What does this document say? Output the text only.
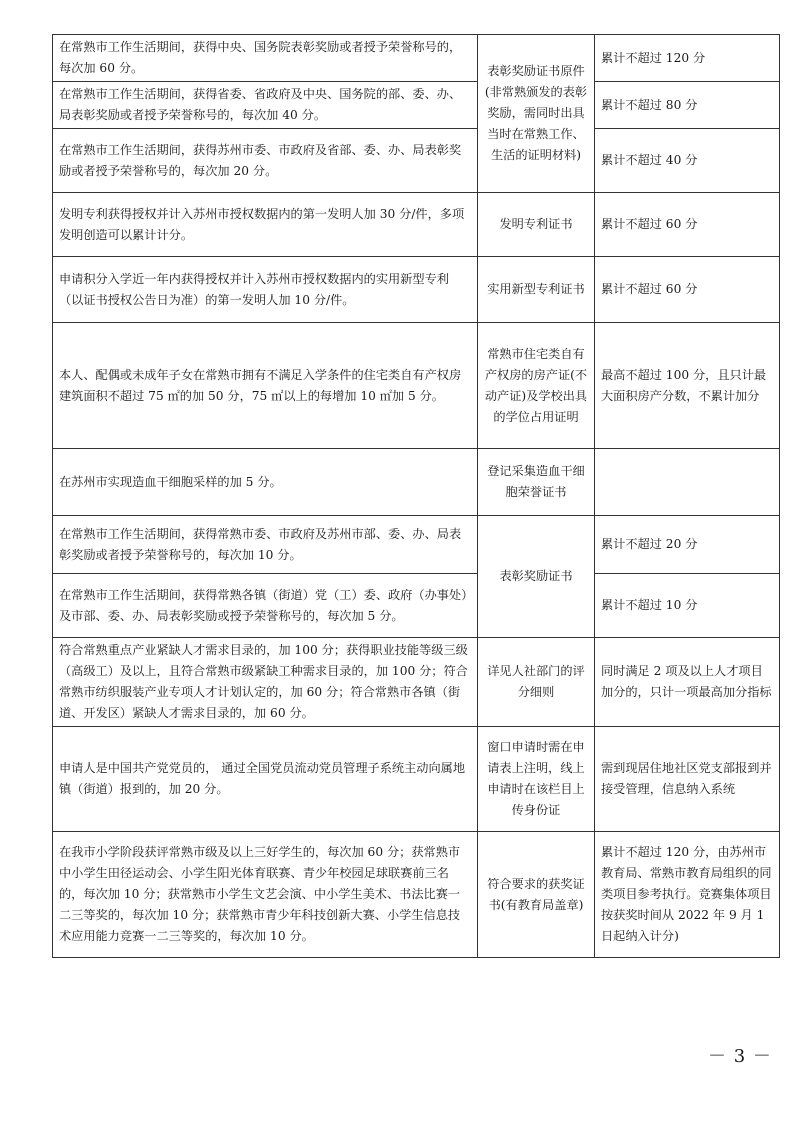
在常熟市工作生活期间，获得中央、国务院表彰奖励或者授予荣誉称号的，每次加 60 分。	表彰奖励证书原件(非常熟颁发的表彰奖励，需同时出具当时在常熟工作、生活的证明材料)	累计不超过 120 分
在常熟市工作生活期间，获得省委、省政府及中央、国务院的部、委、办、局表彰奖励或者授予荣誉称号的，每次加 40 分。		累计不超过 80 分
在常熟市工作生活期间，获得苏州市委、市政府及省部、委、办、局表彰奖励或者授予荣誉称号的，每次加 20 分。		累计不超过 40 分
发明专利获得授权并计入苏州市授权数据内的第一发明人加 30 分/件，多项发明创造可以累计计分。	发明专利证书	累计不超过 60 分
申请积分入学近一年内获得授权并计入苏州市授权数据内的实用新型专利（以证书授权公告日为准）的第一发明人加 10 分/件。	实用新型专利证书	累计不超过 60 分
本人、配偶或未成年子女在常熟市拥有不满足入学条件的住宅类自有产权房建筑面积不超过 75 ㎡的加 50 分，75 ㎡以上的每增加 10 ㎡加 5 分。	常熟市住宅类自有产权房的房产证(不动产证)及学校出具的学位占用证明	最高不超过 100 分，且只计最大面积房产分数，不累计加分
在苏州市实现造血干细胞采样的加 5 分。	登记采集造血干细胞荣誉证书	
在常熟市工作生活期间，获得常熟市委、市政府及苏州市部、委、办、局表彰奖励或者授予荣誉称号的，每次加 10 分。	表彰奖励证书	累计不超过 20 分
在常熟市工作生活期间，获得常熟各镇（街道）党（工）委、政府（办事处）及市部、委、办、局表彰奖励或授予荣誉称号的，每次加 5 分。		累计不超过 10 分
符合常熟重点产业紧缺人才需求目录的，加 100 分；获得职业技能等级三级（高级工）及以上，且符合常熟市级紧缺工种需求目录的，加 100 分；符合常熟市纺织服装产业专项人才计划认定的，加 60 分；符合常熟市各镇（街道、开发区）紧缺人才需求目录的，加 60 分。	详见人社部门的评分细则	同时满足 2 项及以上人才项目加分的，只计一项最高加分指标
申请人是中国共产党党员的， 通过全国党员流动党员管理子系统主动向属地镇（街道）报到的，加 20 分。	窗口申请时需在申请表上注明，线上申请时在该栏目上传身份证	需到现居住地社区党支部报到并接受管理，信息纳入系统
在我市小学阶段获评常熟市级及以上三好学生的，每次加 60 分；获常熟市中小学生田径运动会、小学生阳光体育联赛、青少年校园足球联赛前三名的，每次加 10 分；获常熟市小学生文艺会演、中小学生美术、书法比赛一二三等奖的，每次加 10 分；获常熟市青少年科技创新大赛、小学生信息技术应用能力竞赛一二三等奖的，每次加 10 分。	符合要求的获奖证书(有教育局盖章)	累计不超过 120 分，由苏州市教育局、常熟市教育局组织的同类项目参考执行。竞赛集体项目按获奖时间从 2022 年 9 月 1 日起纳入计分)
－ 3 －
